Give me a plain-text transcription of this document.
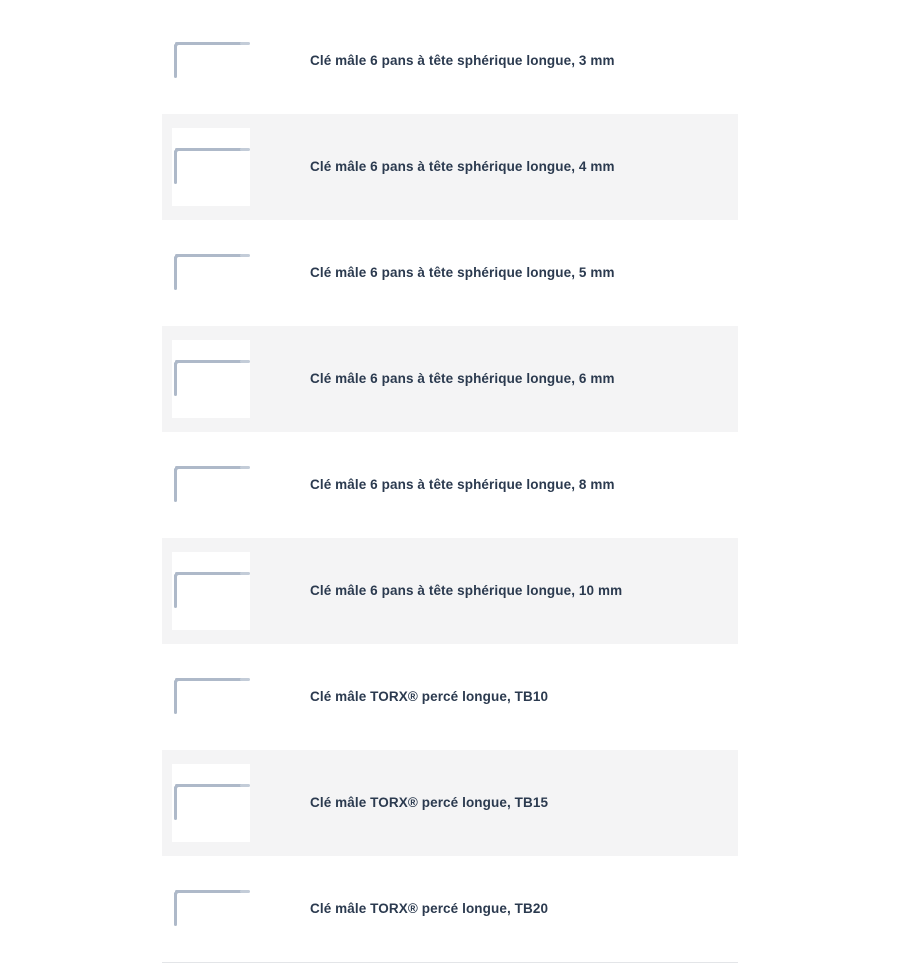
Clé mâle 6 pans à tête sphérique longue, 3 mm
Clé mâle 6 pans à tête sphérique longue, 4 mm
Clé mâle 6 pans à tête sphérique longue, 5 mm
Clé mâle 6 pans à tête sphérique longue, 6 mm
Clé mâle 6 pans à tête sphérique longue, 8 mm
Clé mâle 6 pans à tête sphérique longue, 10 mm
Clé mâle TORX® percé longue, TB10
Clé mâle TORX® percé longue, TB15
Clé mâle TORX® percé longue, TB20
